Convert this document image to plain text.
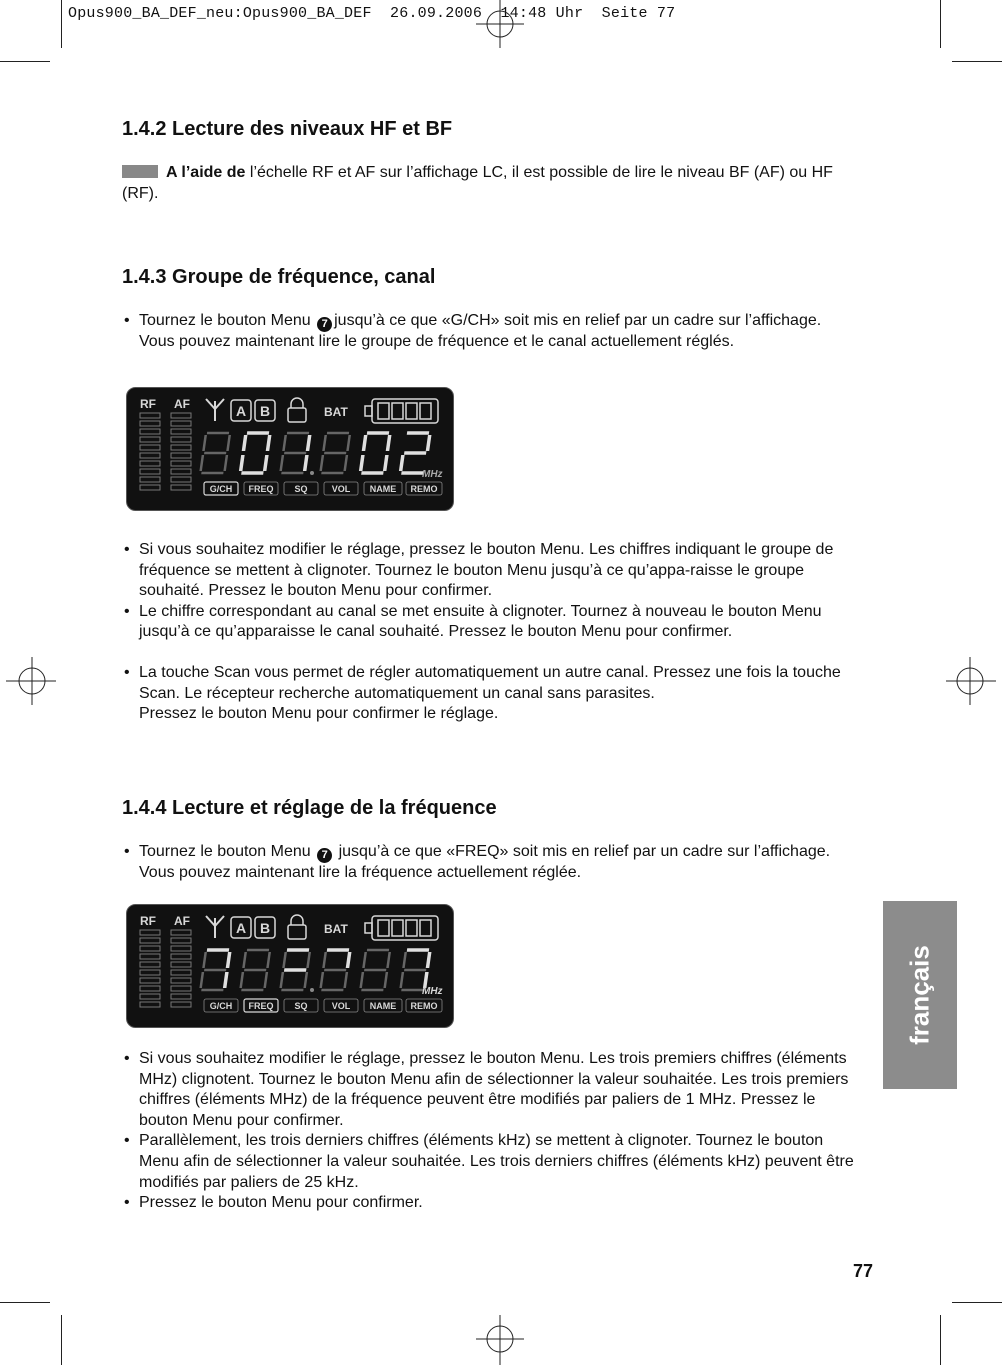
Opus900_BA_DEF_neu:Opus900_BA_DEF  26.09.2006  14:48 Uhr  Seite 77
1.4.2 Lecture des niveaux HF et BF

A l’aide de l’échelle RF et AF sur l’affichage LC, il est possible de lire le niveau BF (AF) ou HF (RF).

1.4.3 Groupe de fréquence, canal
• Tournez le bouton Menu 7 jusqu’à ce que «G/CH» soit mis en relief par un cadre sur l’affichage. Vous pouvez maintenant lire le groupe de fréquence et le canal actuellement réglés.
RF AF	A B	BAT
MHz
G/CH FREQ SQ	VOL NAME REMO
• Si vous souhaitez modifier le réglage, pressez le bouton Menu. Les chiffres indiquant le groupe de fréquence se mettent à clignoter. Tournez le bouton Menu jusqu’à ce qu’appa-raisse le groupe souhaité. Pressez le bouton Menu pour confirmer.
• Le chiffre correspondant au canal se met ensuite à clignoter. Tournez à nouveau le bouton Menu jusqu’à ce qu’apparaisse le canal souhaité. Pressez le bouton Menu pour confirmer.
• La touche Scan vous permet de régler automatiquement un autre canal. Pressez une fois la touche Scan. Le récepteur recherche automatiquement un canal sans parasites.
Pressez le bouton Menu pour confirmer le réglage.
1.4.4 Lecture et réglage de la fréquence
• Tournez le bouton Menu 7 jusqu’à ce que «FREQ» soit mis en relief par un cadre sur l’affichage. Vous pouvez maintenant lire la fréquence actuellement réglée.
RF AF	A B	BAT
MHz
G/CH FREQ SQ	VOL NAME REMO
• Si vous souhaitez modifier le réglage, pressez le bouton Menu. Les trois premiers chiffres (éléments MHz) clignotent. Tournez le bouton Menu afin de sélectionner la valeur souhaitée. Les trois premiers chiffres (éléments MHz) de la fréquence peuvent être modifiés par paliers de 1 MHz. Pressez le bouton Menu pour confirmer.
• Parallèlement, les trois derniers chiffres (éléments kHz) se mettent à clignoter. Tournez le bouton Menu afin de sélectionner la valeur souhaitée. Les trois derniers chiffres (éléments kHz) peuvent être modifiés par paliers de 25 kHz.
• Pressez le bouton Menu pour confirmer.
français
77
